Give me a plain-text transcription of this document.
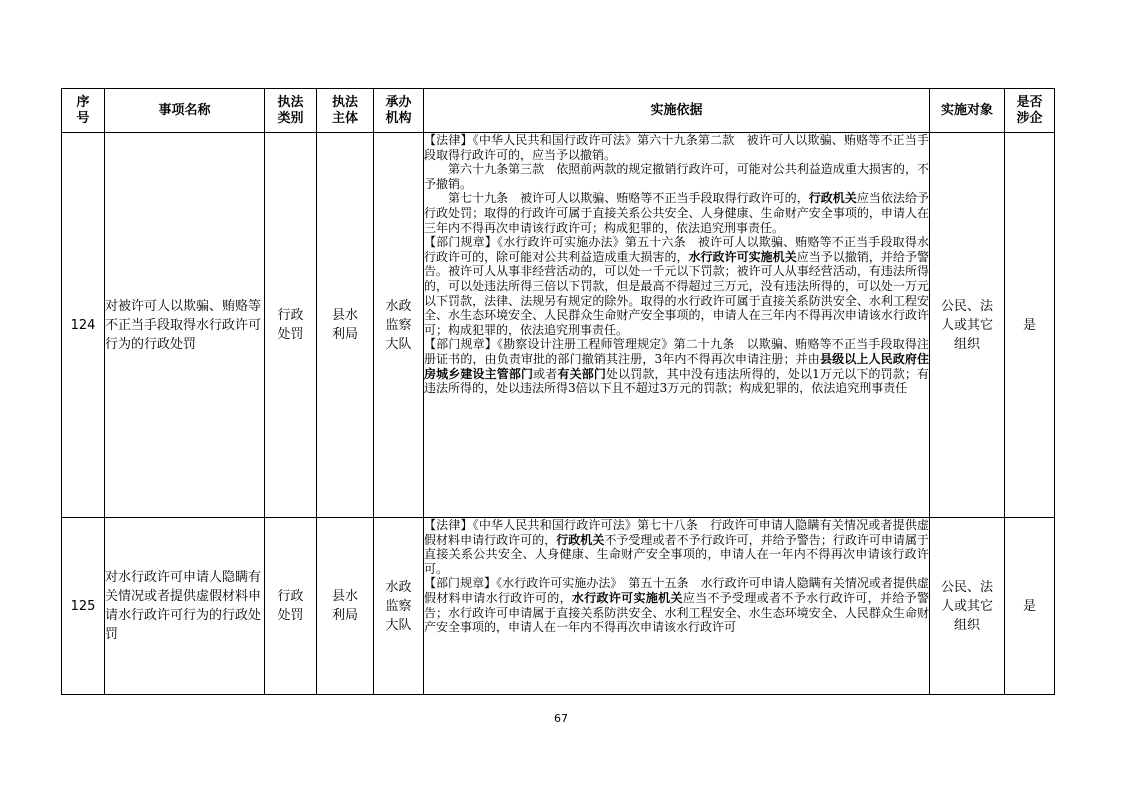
序号	事项名称	执法类别	执法主体	承办机构	实施依据	实施对象	是否涉企
124	对被许可人以欺骗、贿赂等不正当手段取得水行政许可行为的行政处罚	行政处罚	县水利局	水政监察大队	【法律】《中华人民共和国行政许可法》第六十九条第二款　被许可人以欺骗、贿赂等不正当手段取得行政许可的，应当予以撤销。

第六十九条第三款　依照前两款的规定撤销行政许可，可能对公共利益造成重大损害的，不予撤销。

第七十九条　被许可人以欺骗、贿赂等不正当手段取得行政许可的，行政机关应当依法给予行政处罚；取得的行政许可属于直接关系公共安全、人身健康、生命财产安全事项的，申请人在三年内不得再次申请该行政许可；构成犯罪的，依法追究刑事责任。

【部门规章】《水行政许可实施办法》第五十六条　被许可人以欺骗、贿赂等不正当手段取得水行政许可的，除可能对公共利益造成重大损害的，水行政许可实施机关应当予以撤销，并给予警告。被许可人从事非经营活动的，可以处一千元以下罚款；被许可人从事经营活动，有违法所得的，可以处违法所得三倍以下罚款，但是最高不得超过三万元，没有违法所得的，可以处一万元以下罚款，法律、法规另有规定的除外。取得的水行政许可属于直接关系防洪安全、水利工程安全、水生态环境安全、人民群众生命财产安全事项的，申请人在三年内不得再次申请该水行政许可；构成犯罪的，依法追究刑事责任。

【部门规章】《勘察设计注册工程师管理规定》第二十九条　以欺骗、贿赂等不正当手段取得注册证书的，由负责审批的部门撤销其注册，3年内不得再次申请注册；并由县级以上人民政府住房城乡建设主管部门或者有关部门处以罚款，其中没有违法所得的，处以1万元以下的罚款；有违法所得的，处以违法所得3倍以下且不超过3万元的罚款；构成犯罪的，依法追究刑事责任	公民、法人或其它组织	是
125	对水行政许可申请人隐瞒有关情况或者提供虚假材料申请水行政许可行为的行政处罚	行政处罚	县水利局	水政监察大队	【法律】《中华人民共和国行政许可法》第七十八条　行政许可申请人隐瞒有关情况或者提供虚假材料申请行政许可的，行政机关不予受理或者不予行政许可，并给予警告；行政许可申请属于直接关系公共安全、人身健康、生命财产安全事项的，申请人在一年内不得再次申请该行政许可。

【部门规章】《水行政许可实施办法》　第五十五条　水行政许可申请人隐瞒有关情况或者提供虚假材料申请水行政许可的，水行政许可实施机关应当不予受理或者不予水行政许可，并给予警告；水行政许可申请属于直接关系防洪安全、水利工程安全、水生态环境安全、人民群众生命财产安全事项的，申请人在一年内不得再次申请该水行政许可	公民、法人或其它组织	是
67
